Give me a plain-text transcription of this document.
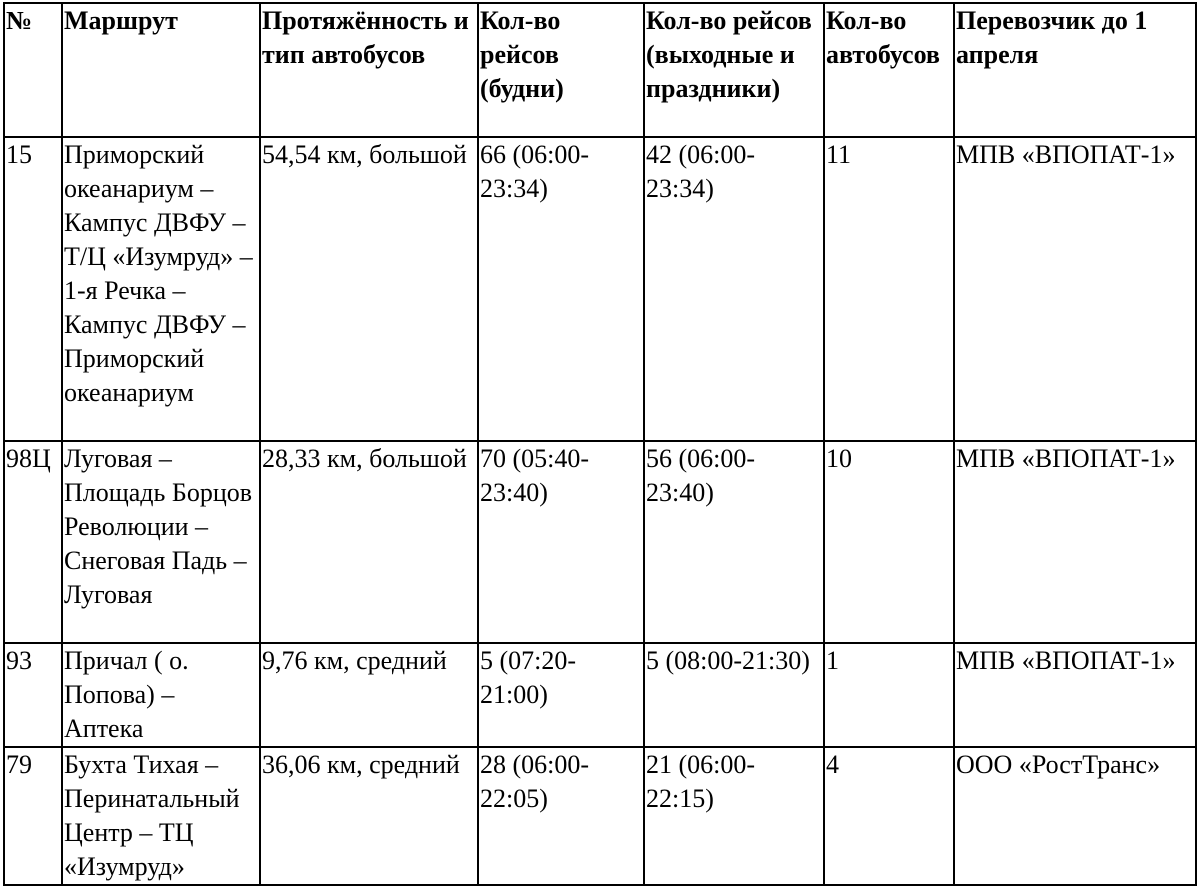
№	Маршрут	Протяжённость и тип автобусов	Кол-во рейсов (будни)	Кол-во рейсов (выходные и праздники)	Кол-во автобусов	Перевозчик до 1 апреля
15	Приморский океанариум – Кампус ДВФУ – Т/Ц «Изумруд» – 1-я Речка – Кампус ДВФУ – Приморский океанариум	54,54 км, большой	66 (06:00-23:34)	42 (06:00-23:34)	11	МПВ «ВПОПАТ-1»
98Ц	Луговая – Площадь Борцов Революции – Снеговая Падь – Луговая	28,33 км, большой	70 (05:40-23:40)	56 (06:00-23:40)	10	МПВ «ВПОПАТ-1»
93	Причал ( о. Попова) – Аптека	9,76 км, средний	5 (07:20-21:00)	5 (08:00-21:30)	1	МПВ «ВПОПАТ-1»
79	Бухта Тихая – Перинатальный Центр – ТЦ «Изумруд»	36,06 км, средний	28 (06:00-22:05)	21 (06:00-22:15)	4	ООО «РостТранс»
